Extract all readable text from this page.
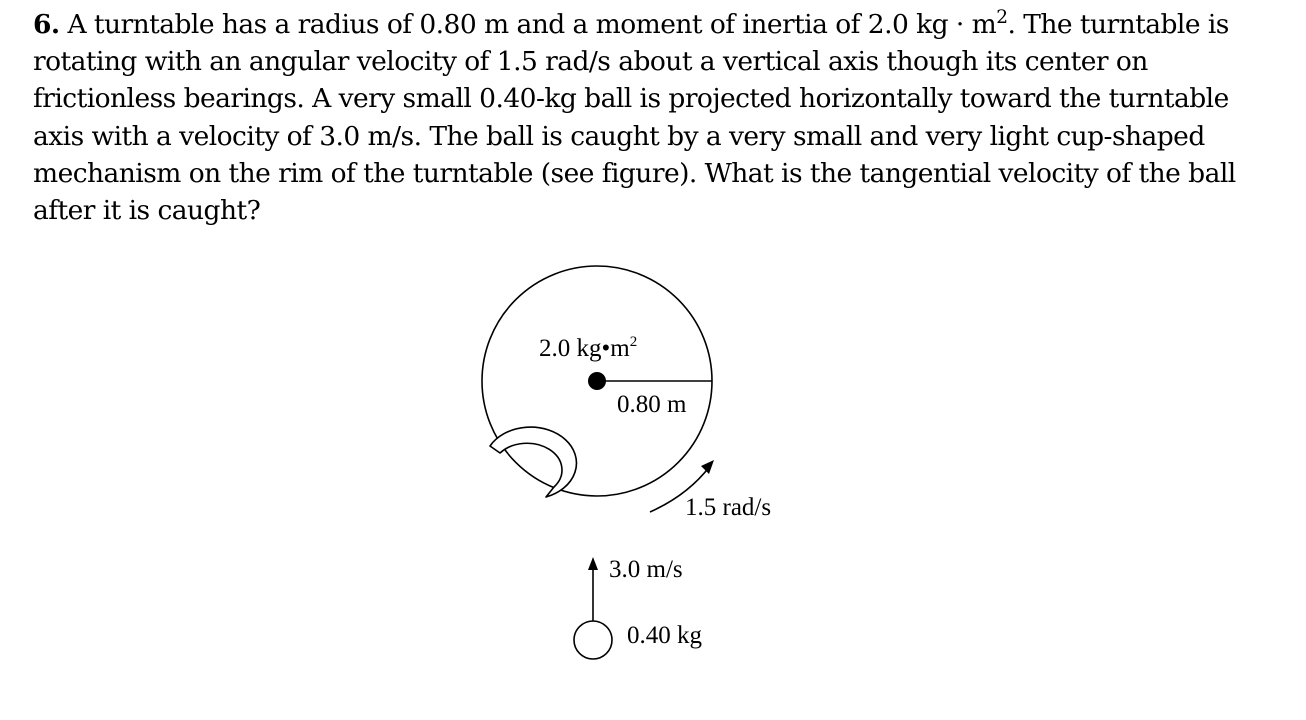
6. A turntable has a radius of 0.80 m and a moment of inertia of 2.0 kg · $m^2$. The turntable is rotating with an angular velocity of 1.5 rad/s about a vertical axis though its center on frictionless bearings. A very small 0.40-kg ball is projected horizontally toward the turntable axis with a velocity of 3.0 m/s. The ball is caught by a very small and very light cup-shaped mechanism on the rim of the turntable (see figure). What is the tangential velocity of the ball after it is caught?

2.0 $kg•m^2$
0.80 m
1.5 rad/s
3.0 m/s
0.40 kg
